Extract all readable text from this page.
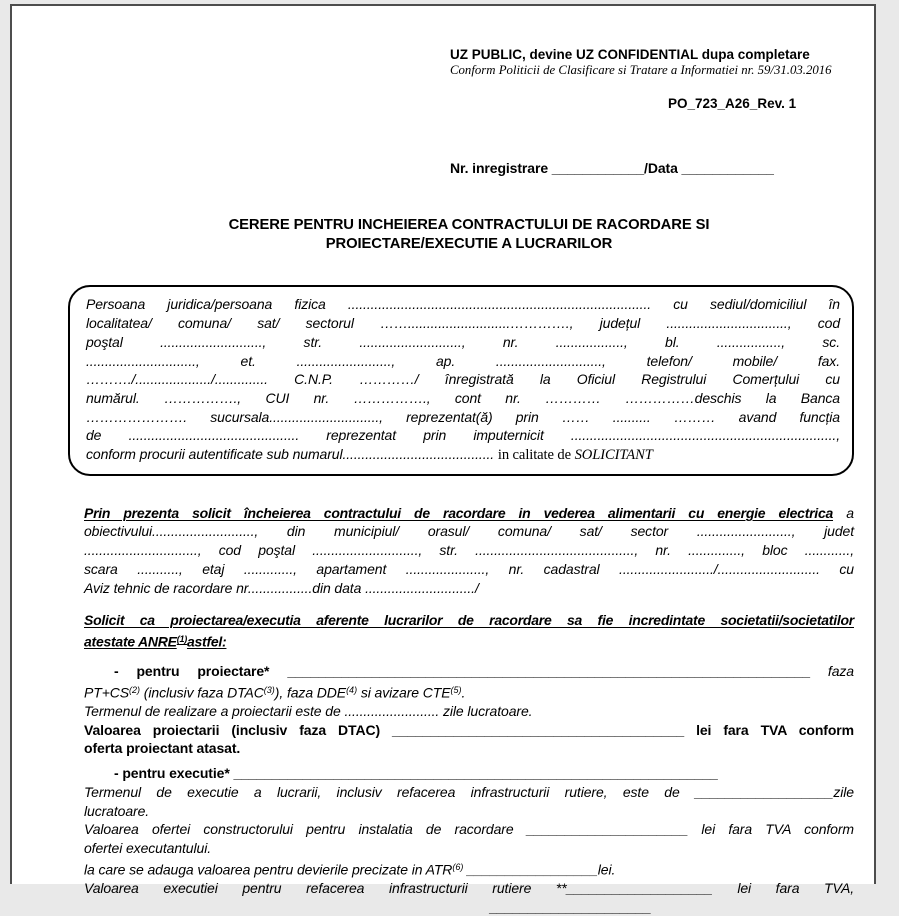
UZ PUBLIC, devine UZ CONFIDENTIAL dupa completare
Conform Politicii de Clasificare si Tratare a Informatiei nr. 59/31.03.2016
PO_723_A26_Rev. 1
Nr. inregistrare ____________/Data ____________
CERERE PENTRU INCHEIEREA CONTRACTULUI DE RACORDARE SI
PROIECTARE/EXECUTIE A LUCRARILOR
Persoana juridica/persoana fizica ................................................................................ cu sediul/domiciliul în
localitatea/ comuna/ sat/ sectorul ……...........................…………., județul ................................, cod
poştal ..........................., str. ..........................., nr. .................., bl. ................., sc.
............................., et. ........................., ap. ............................, telefon/ mobile/ fax.
………./..................../.............. C.N.P. …………/ înregistrată la Oficiul Registrului Comerțului cu
numărul. ……………., CUI nr. ……………., cont nr. ………… ……………deschis la Banca
…………………. sucursala............................., reprezentat(ă) prin …… .......... ……… avand funcția
de ............................................. reprezentat prin imputernicit ......................................................................,
conform procurii autentificate sub numarul........................................ in calitate de SOLICITANT
Prin prezenta solicit încheierea contractului de racordare in vederea alimentarii cu energie electrica a
obiectivului..........................., din municipiul/ orasul/ comuna/ sat/ sector ........................., judet
.............................., cod poştal ............................, str. .........................................., nr. .............., bloc ............,
scara ..........., etaj ............., apartament ....................., nr. cadastral ........................./........................... cu
Aviz tehnic de racordare nr.................din data ............................./
Solicit ca proiectarea/executia aferente lucrarilor de racordare sa fie incredintate societatii/societatilor
atestate ANRE$^{(1)}$astfel:
- pentru proiectare* ____________________________________________________________________ faza
$PT+CS^{(2)}$ (inclusiv faza DTAC$^{(3)}$), faza DDE$^{(4)}$ si avizare CTE$^{(5)}$.
Termenul de realizare a proiectarii este de ......................... zile lucratoare.
Valoarea proiectarii (inclusiv faza DTAC) ______________________________________ lei fara TVA conform
oferta proiectant atasat.
- pentru executie* _______________________________________________________________
Termenul de executie a lucrarii, inclusiv refacerea infrastructurii rutiere, este de __________________zile
lucratoare.
Valoarea ofertei constructorului pentru instalatia de racordare _____________________ lei fara TVA conform
ofertei executantului.
la care se adauga valoarea pentru devierile precizate in ATR$^{(6)}$ _________________lei.
Valoarea executiei pentru refacerea infrastructurii rutiere **___________________ lei fara TVA,
_____________________
